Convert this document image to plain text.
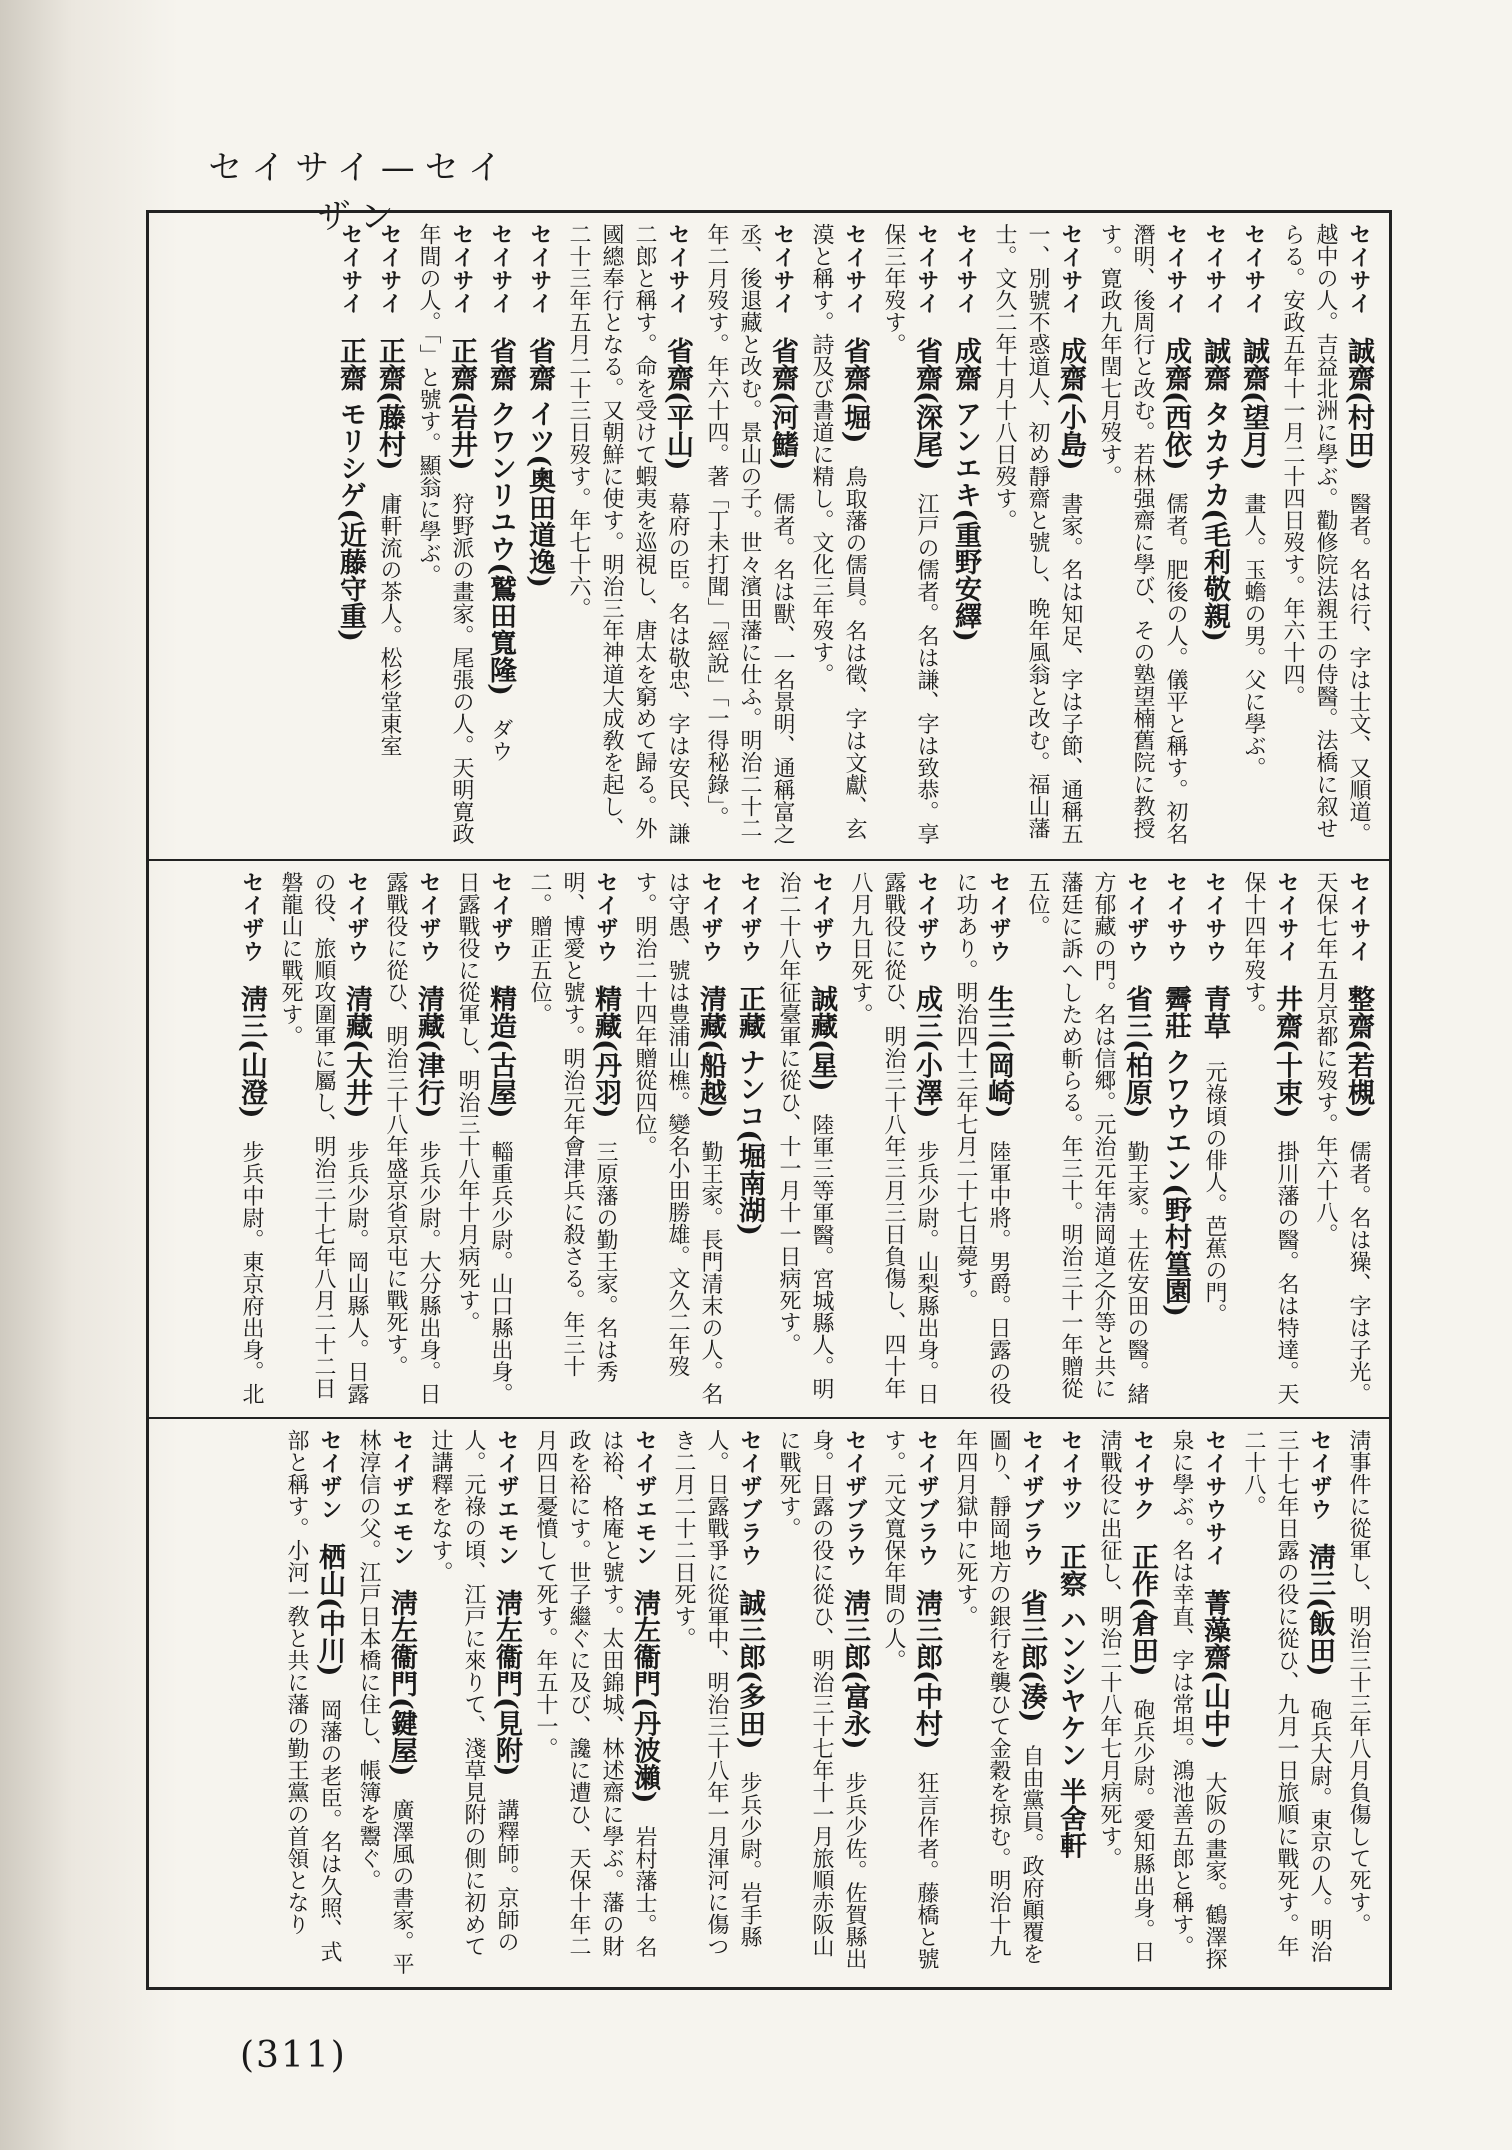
セイサイ—セイザン
セイサイ　誠齋(村田)　醫者。名は行、字は士文、又順道。越中の人。吉益北洲に學ぶ。勸修院法親王の侍醫。法橋に叙せらる。安政五年十一月二十四日歿す。年六十四。
セイサイ　誠齋(望月)　畫人。玉蟾の男。父に學ぶ。
セイサイ　誠齋 タカチカ(毛利敬親)　
セイサイ　成齋(西依)　儒者。肥後の人。儀平と稱す。初名潛明、後周行と改む。若林强齋に學び、その塾望楠舊院に教授す。寛政九年閏七月歿す。
セイサイ　成齋(小島)　書家。名は知足、字は子節、通稱五一、別號不惑道人、初め靜齋と號し、晩年風翁と改む。福山藩士。文久二年十月十八日歿す。
セイサイ　成齋 アンエキ(重野安繹)　
セイサイ　省齋(深尾)　江戸の儒者。名は謙、字は致恭。享保三年歿す。
セイサイ　省齋(堀)　鳥取藩の儒員。名は徵、字は文獻、玄漠と稱す。詩及び書道に精し。文化三年歿す。
セイサイ　省齋(河鰭)　儒者。名は獸、一名景明、通稱富之丞、後退藏と改む。景山の子。世々濱田藩に仕ふ。明治二十二年二月歿す。年六十四。著「丁未打聞」「經說」「一得秘錄」。
セイサイ　省齋(平山)　幕府の臣。名は敬忠、字は安民、謙二郎と稱す。命を受けて蝦夷を巡視し、唐太を窮めて歸る。外國總奉行となる。又朝鮮に使す。明治三年神道大成敎を起し、二十三年五月二十三日歿す。年七十六。
セイサイ　省齋 イツ(奧田道逸)　
セイサイ　省齋 クワンリユウ(鷲田寬隆)　ダウ
セイサイ　正齋(岩井)　狩野派の畫家。尾張の人。天明寛政年間の人。「」と號す。顯翁に學ぶ。
セイサイ　正齋(藤村)　庸軒流の茶人。松杉堂東室
セイサイ　正齋 モリシゲ(近藤守重)　
セイサイ　整齋(若槻)　儒者。名は𤢖、字は子光。天保七年五月京都に歿す。年六十八。
セイサイ　井齋(十束)　掛川藩の醫。名は特達。天保十四年歿す。
セイサウ　青草　元祿頃の俳人。芭蕉の門。
セイサウ　霽莊 クワウエン(野村篁園)　
セイザウ　省三(柏原)　勤王家。土佐安田の醫。緒方郁藏の門。名は信郷。元治元年淸岡道之介等と共に藩廷に訴へしため斬らる。年三十。明治三十一年贈從五位。
セイザウ　生三(岡崎)　陸軍中將。男爵。日露の役に功あり。明治四十三年七月二十七日薨す。
セイザウ　成三(小澤)　步兵少尉。山梨縣出身。日露戰役に從ひ、明治三十八年三月三日負傷し、四十年八月九日死す。
セイザウ　誠藏(星)　陸軍三等軍醫。宮城縣人。明治二十八年征臺軍に從ひ、十一月十一日病死す。
セイザウ　正藏 ナンコ(堀南湖)　
セイザウ　清藏(船越)　勤王家。長門清末の人。名は守愚、號は豊浦山樵。變名小田勝雄。文久二年歿す。明治二十四年贈從四位。
セイザウ　精藏(丹羽)　三原藩の勤王家。名は秀明、博愛と號す。明治元年會津兵に殺さる。年三十二。贈正五位。
セイザウ　精造(古屋)　輜重兵少尉。山口縣出身。日露戰役に從軍し、明治三十八年十月病死す。
セイザウ　清藏(津行)　步兵少尉。大分縣出身。日露戰役に從ひ、明治三十八年盛京省京屯に戰死す。
セイザウ　清藏(大井)　步兵少尉。岡山縣人。日露の役、旅順攻圍軍に屬し、明治三十七年八月二十二日磐龍山に戰死す。
セイザウ　淸三(山澄)　步兵中尉。東京府出身。北
淸事件に從軍し、明治三十三年八月負傷して死す。
セイザウ　淸三(飯田)　砲兵大尉。東京の人。明治三十七年日露の役に從ひ、九月一日旅順に戰死す。年二十八。
セイサウサイ　菁藻齋(山中)　大阪の畫家。鶴澤探泉に學ぶ。名は幸直、字は常坦。鴻池善五郎と稱す。
セイサク　正作(倉田)　砲兵少尉。愛知縣出身。日淸戰役に出征し、明治二十八年七月病死す。
セイサツ　正察 ハンシヤケン 半舍軒　
セイザブラウ　省三郎(湊)　自由黨員。政府顚覆を圖り、靜岡地方の銀行を襲ひて金穀を掠む。明治十九年四月獄中に死す。
セイザブラウ　淸三郎(中村)　狂言作者。藤橋と號す。元文寬保年間の人。
セイザブラウ　淸三郎(富永)　步兵少佐。佐賀縣出身。日露の役に從ひ、明治三十七年十一月旅順赤阪山に戰死す。
セイザブラウ　誠三郎(多田)　步兵少尉。岩手縣人。日露戰爭に從軍中、明治三十八年一月渾河に傷つき二月二十二日死す。
セイザエモン　淸左衞門(丹波瀨)　岩村藩士。名は裕、格庵と號す。太田錦城、林述齋に學ぶ。藩の財政を裕にす。世子繼ぐに及び、讒に遭ひ、天保十年二月四日憂憤して死す。年五十一。
セイザエモン　淸左衞門(見附)　講釋師。京師の人。元祿の頃、江戸に來りて、淺草見附の側に初めて辻講釋をなす。
セイザエモン　淸左衞門(鍵屋)　廣澤風の書家。平林淳信の父。江戸日本橋に住し、帳簿を鬻ぐ。
セイザン　栖山(中川)　岡藩の老臣。名は久照、式部と稱す。小河一敎と共に藩の勤王黨の首領となり
(311)
